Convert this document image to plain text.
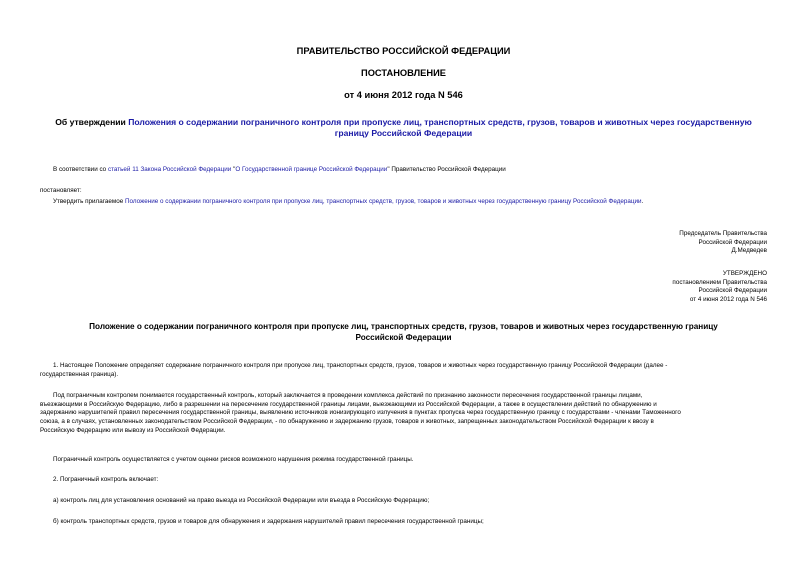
ПРАВИТЕЛЬСТВО РОССИЙСКОЙ ФЕДЕРАЦИИ
ПОСТАНОВЛЕНИЕ
от 4 июня 2012 года N 546
Об утверждении Положения о содержании пограничного контроля при пропуске лиц, транспортных средств, грузов, товаров и животных через государственную
границу Российской Федерации
В соответствии со статьей 11 Закона Российской Федерации "О Государственной границе Российской Федерации" Правительство Российской Федерации
постановляет:
Утвердить прилагаемое Положение о содержании пограничного контроля при пропуске лиц, транспортных средств, грузов, товаров и животных через государственную границу Российской Федерации.
Председатель Правительства
Российской Федерации
Д.Медведев
УТВЕРЖДЕНО
постановлением Правительства
Российской Федерации
от 4 июня 2012 года N 546
Положение о содержании пограничного контроля при пропуске лиц, транспортных средств, грузов, товаров и животных через государственную границу
Российской Федерации
1. Настоящее Положение определяет содержание пограничного контроля при пропуске лиц, транспортных средств, грузов, товаров и животных через государственную границу Российской Федерации (далее -
государственная граница).
Под пограничным контролем понимается государственный контроль, который заключается в проведении комплекса действий по признанию законности пересечения государственной границы лицами,
въезжающими в Российскую Федерацию, либо в разрешении на пересечение государственной границы лицами, выезжающими из Российской Федерации, а также в осуществлении действий по обнаружению и
задержанию нарушителей правил пересечения государственной границы, выявлению источников ионизирующего излучения в пунктах пропуска через государственную границу с государствами - членами Таможенного
союза, а в случаях, установленных законодательством Российской Федерации, - по обнаружению и задержанию грузов, товаров и животных, запрещенных законодательством Российской Федерации к ввозу в
Российскую Федерацию или вывозу из Российской Федерации.
Пограничный контроль осуществляется с учетом оценки рисков возможного нарушения режима государственной границы.
2. Пограничный контроль включает:
а) контроль лиц для установления оснований на право выезда из Российской Федерации или въезда в Российскую Федерацию;
б) контроль транспортных средств, грузов и товаров для обнаружения и задержания нарушителей правил пересечения государственной границы;
